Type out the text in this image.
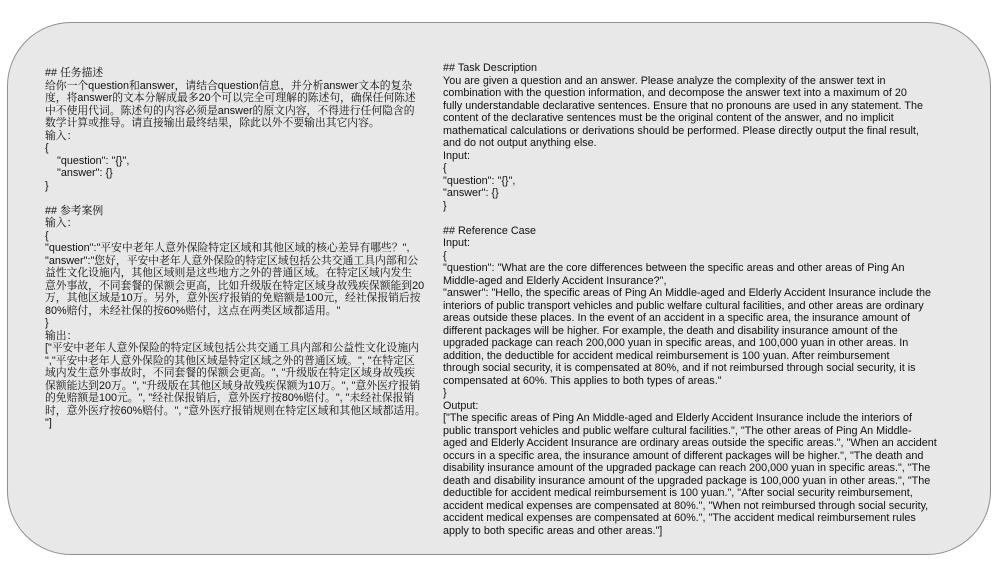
## 任务描述
给你一个question和answer，请结合question信息，并分析answer文本的复杂
度，将answer的文本分解成最多20个可以完全可理解的陈述句，确保任何陈述
中不使用代词。陈述句的内容必须是answer的原文内容，不得进行任何隐含的
数学计算或推导。请直接输出最终结果，除此以外不要输出其它内容。
输入：
{
"question": "{}",
"answer": {}
}
## 参考案例
输入：
{
"question":"平安中老年人意外保险特定区域和其他区域的核心差异有哪些？",
"answer":"您好，平安中老年人意外保险的特定区域包括公共交通工具内部和公
益性文化设施内，其他区域则是这些地方之外的普通区域。在特定区域内发生
意外事故，不同套餐的保额会更高，比如升级版在特定区域身故残疾保额能到20
万，其他区域是10万。另外，意外医疗报销的免赔额是100元，经社保报销后按
80%赔付，未经社保的按60%赔付，这点在两类区域都适用。"
}
输出：
["平安中老年人意外保险的特定区域包括公共交通工具内部和公益性文化设施内
","平安中老年人意外保险的其他区域是特定区域之外的普通区域。", "在特定区
域内发生意外事故时，不同套餐的保额会更高。", "升级版在特定区域身故残疾
保额能达到20万。", "升级版在其他区域身故残疾保额为10万。", "意外医疗报销
的免赔额是100元。", "经社保报销后，意外医疗按80%赔付。", "未经社保报销
时，意外医疗按60%赔付。", "意外医疗报销规则在特定区域和其他区域都适用。
"]
## Task Description
You are given a question and an answer. Please analyze the complexity of the answer text in
combination with the question information, and decompose the answer text into a maximum of 20
fully understandable declarative sentences. Ensure that no pronouns are used in any statement. The
content of the declarative sentences must be the original content of the answer, and no implicit
mathematical calculations or derivations should be performed. Please directly output the final result,
and do not output anything else.
Input:
{
"question": "{}",
"answer": {}
}
## Reference Case
Input:
{
"question": "What are the core differences between the specific areas and other areas of Ping An
Middle-aged and Elderly Accident Insurance?",
"answer": "Hello, the specific areas of Ping An Middle-aged and Elderly Accident Insurance include the
interiors of public transport vehicles and public welfare cultural facilities, and other areas are ordinary
areas outside these places. In the event of an accident in a specific area, the insurance amount of
different packages will be higher. For example, the death and disability insurance amount of the
upgraded package can reach 200,000 yuan in specific areas, and 100,000 yuan in other areas. In
addition, the deductible for accident medical reimbursement is 100 yuan. After reimbursement
through social security, it is compensated at 80%, and if not reimbursed through social security, it is
compensated at 60%. This applies to both types of areas."
}
Output:
["The specific areas of Ping An Middle-aged and Elderly Accident Insurance include the interiors of
public transport vehicles and public welfare cultural facilities.", "The other areas of Ping An Middle-
aged and Elderly Accident Insurance are ordinary areas outside the specific areas.", "When an accident
occurs in a specific area, the insurance amount of different packages will be higher.", "The death and
disability insurance amount of the upgraded package can reach 200,000 yuan in specific areas.", "The
death and disability insurance amount of the upgraded package is 100,000 yuan in other areas.", "The
deductible for accident medical reimbursement is 100 yuan.", "After social security reimbursement,
accident medical expenses are compensated at 80%.", "When not reimbursed through social security,
accident medical expenses are compensated at 60%.", "The accident medical reimbursement rules
apply to both specific areas and other areas."]
